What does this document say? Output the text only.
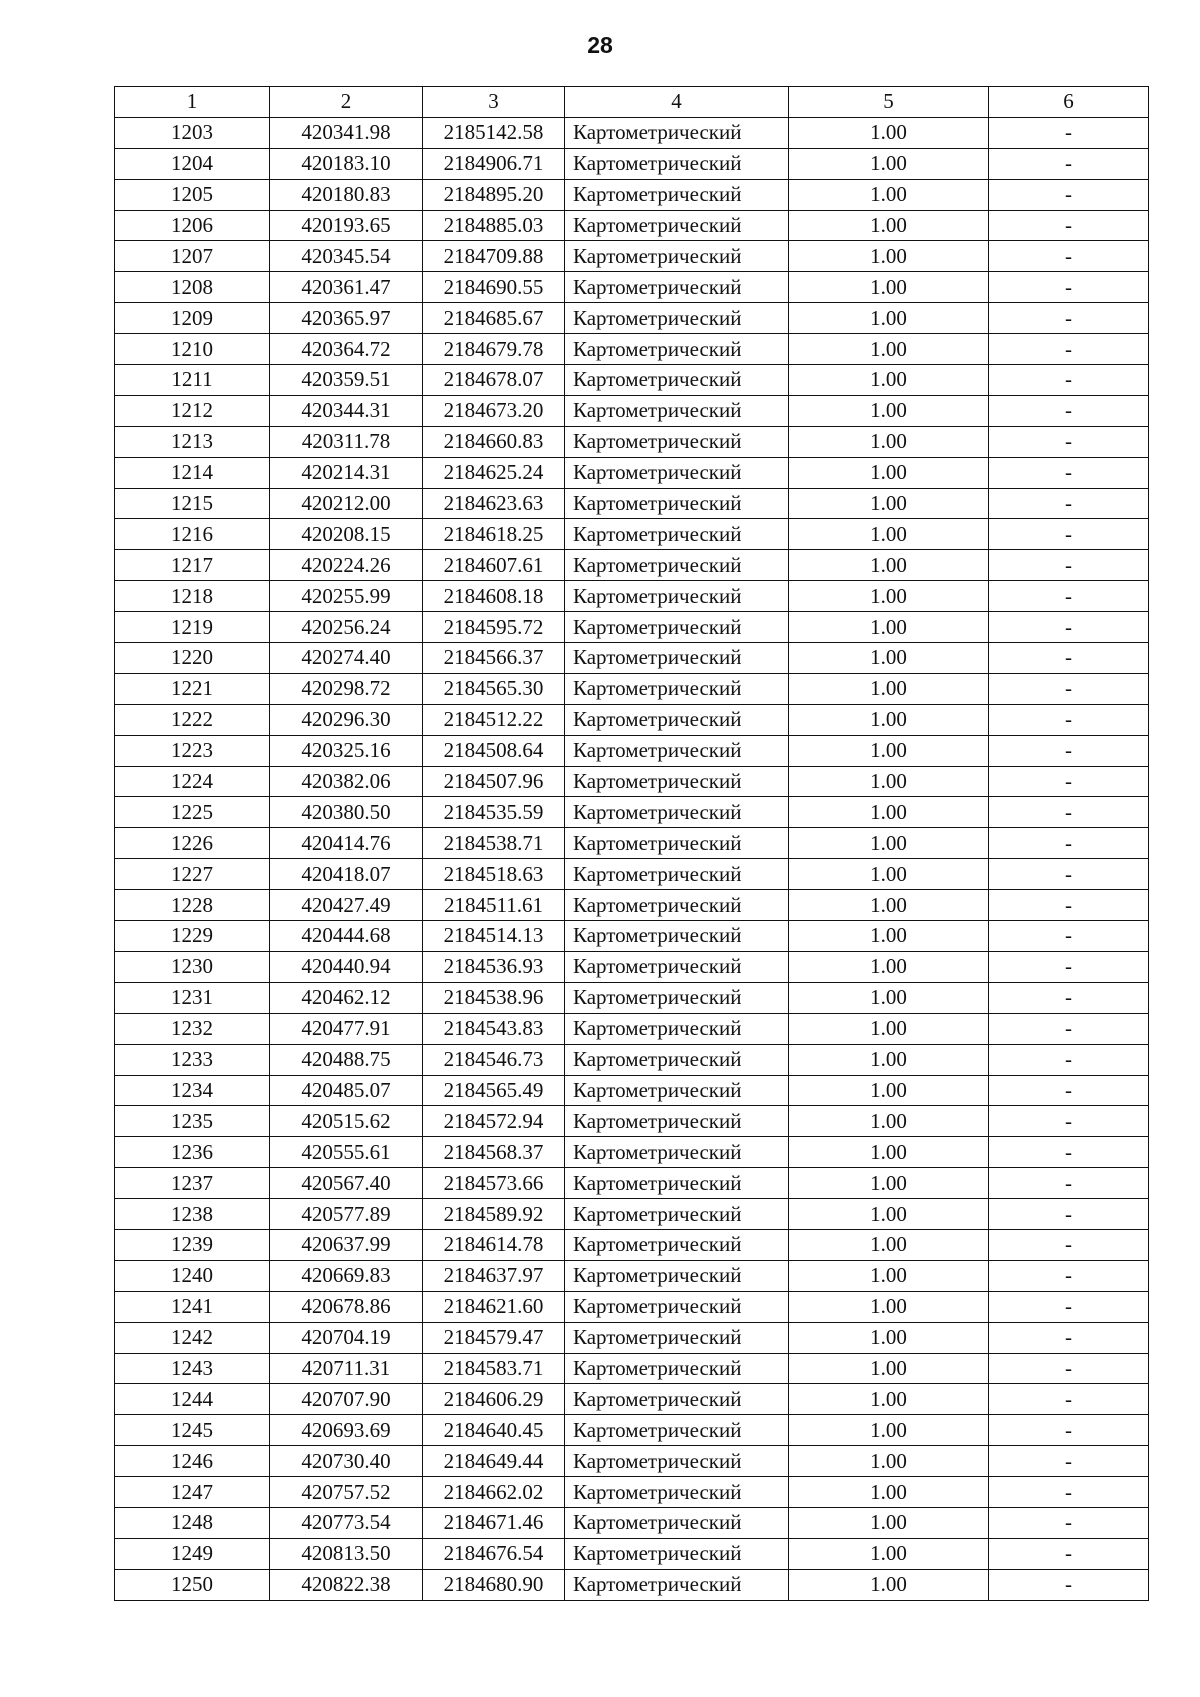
28
1	2	3	4	5	6
1203	420341.98	2185142.58	Картометрический	1.00	-
1204	420183.10	2184906.71	Картометрический	1.00	-
1205	420180.83	2184895.20	Картометрический	1.00	-
1206	420193.65	2184885.03	Картометрический	1.00	-
1207	420345.54	2184709.88	Картометрический	1.00	-
1208	420361.47	2184690.55	Картометрический	1.00	-
1209	420365.97	2184685.67	Картометрический	1.00	-
1210	420364.72	2184679.78	Картометрический	1.00	-
1211	420359.51	2184678.07	Картометрический	1.00	-
1212	420344.31	2184673.20	Картометрический	1.00	-
1213	420311.78	2184660.83	Картометрический	1.00	-
1214	420214.31	2184625.24	Картометрический	1.00	-
1215	420212.00	2184623.63	Картометрический	1.00	-
1216	420208.15	2184618.25	Картометрический	1.00	-
1217	420224.26	2184607.61	Картометрический	1.00	-
1218	420255.99	2184608.18	Картометрический	1.00	-
1219	420256.24	2184595.72	Картометрический	1.00	-
1220	420274.40	2184566.37	Картометрический	1.00	-
1221	420298.72	2184565.30	Картометрический	1.00	-
1222	420296.30	2184512.22	Картометрический	1.00	-
1223	420325.16	2184508.64	Картометрический	1.00	-
1224	420382.06	2184507.96	Картометрический	1.00	-
1225	420380.50	2184535.59	Картометрический	1.00	-
1226	420414.76	2184538.71	Картометрический	1.00	-
1227	420418.07	2184518.63	Картометрический	1.00	-
1228	420427.49	2184511.61	Картометрический	1.00	-
1229	420444.68	2184514.13	Картометрический	1.00	-
1230	420440.94	2184536.93	Картометрический	1.00	-
1231	420462.12	2184538.96	Картометрический	1.00	-
1232	420477.91	2184543.83	Картометрический	1.00	-
1233	420488.75	2184546.73	Картометрический	1.00	-
1234	420485.07	2184565.49	Картометрический	1.00	-
1235	420515.62	2184572.94	Картометрический	1.00	-
1236	420555.61	2184568.37	Картометрический	1.00	-
1237	420567.40	2184573.66	Картометрический	1.00	-
1238	420577.89	2184589.92	Картометрический	1.00	-
1239	420637.99	2184614.78	Картометрический	1.00	-
1240	420669.83	2184637.97	Картометрический	1.00	-
1241	420678.86	2184621.60	Картометрический	1.00	-
1242	420704.19	2184579.47	Картометрический	1.00	-
1243	420711.31	2184583.71	Картометрический	1.00	-
1244	420707.90	2184606.29	Картометрический	1.00	-
1245	420693.69	2184640.45	Картометрический	1.00	-
1246	420730.40	2184649.44	Картометрический	1.00	-
1247	420757.52	2184662.02	Картометрический	1.00	-
1248	420773.54	2184671.46	Картометрический	1.00	-
1249	420813.50	2184676.54	Картометрический	1.00	-
1250	420822.38	2184680.90	Картометрический	1.00	-
